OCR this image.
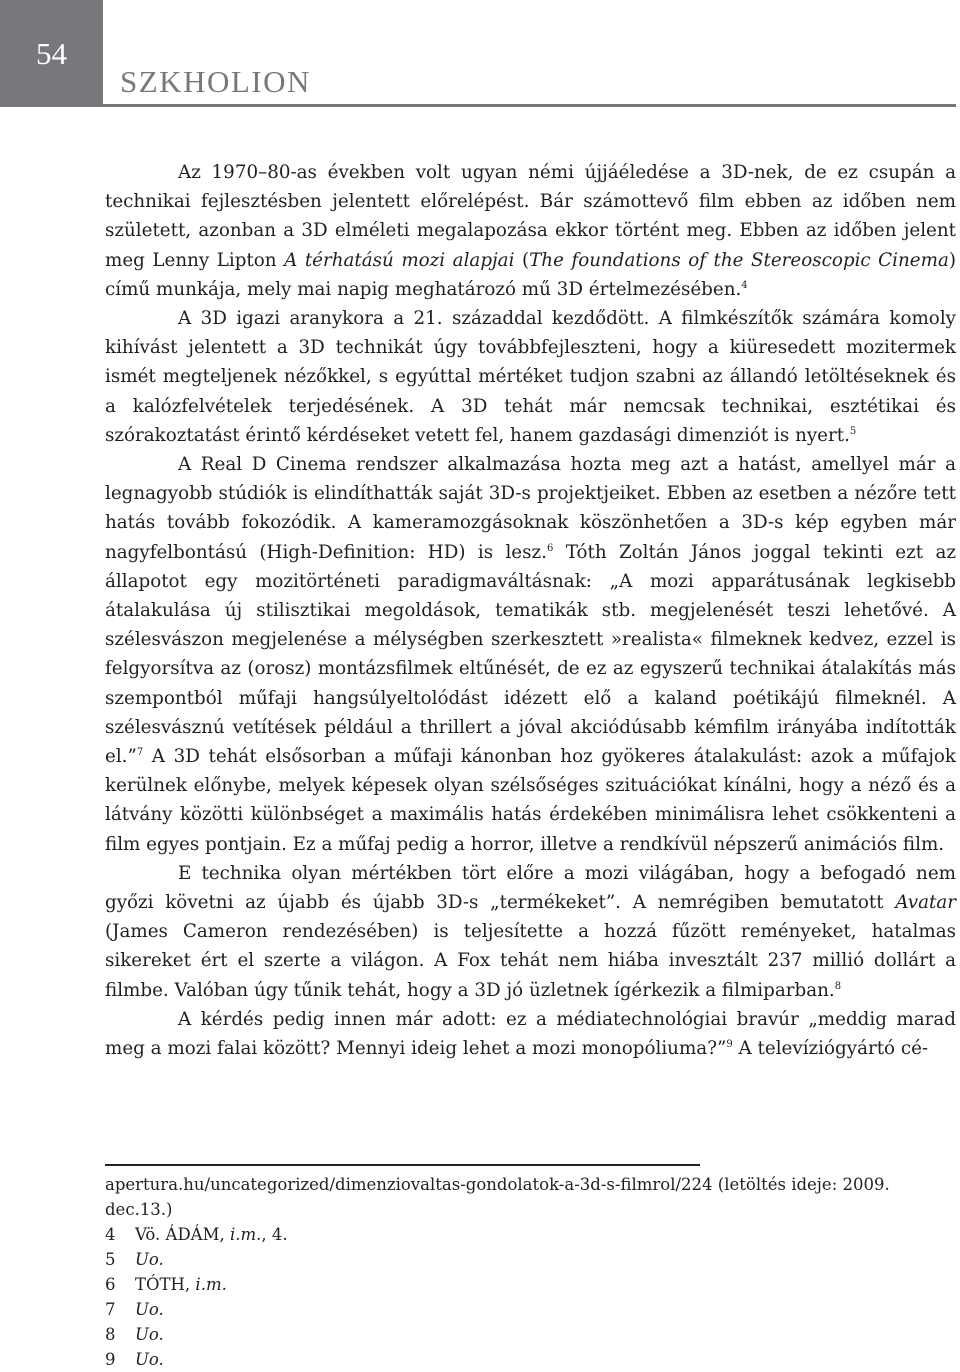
54
SZKHOLION

Az 1970–80-as években volt ugyan némi újjáéledése a 3D-nek, de ez csupán a technikai fejlesztésben jelentett előrelépést. Bár számottevő film ebben az időben nem született, azonban a 3D elméleti megalapozása ekkor történt meg. Ebben az időben jelent meg Lenny Lipton A térhatású mozi alapjai (The foundations of the Stereoscopic Cinema) című munkája, mely mai napig meghatározó mű 3D értelmezésében.$^4$

A 3D igazi aranykora a 21. századdal kezdődött. A filmkészítők számára komoly kihívást jelentett a 3D technikát úgy továbbfejleszteni, hogy a kiüresedett mozitermek ismét megteljenek nézőkkel, s egyúttal mértéket tudjon szabni az állandó letöltéseknek és a kalózfelvételek terjedésének. A 3D tehát már nemcsak technikai, esztétikai és szórakoztatást érintő kérdéseket vetett fel, hanem gazdasági dimenziót is nyert.$^5$

A Real D Cinema rendszer alkalmazása hozta meg azt a hatást, amellyel már a legnagyobb stúdiók is elindíthatták saját 3D-s projektjeiket. Ebben az esetben a nézőre tett hatás tovább fokozódik. A kameramozgásoknak köszönhetően a 3D-s kép egyben már nagyfelbontású (High-Definition: HD) is lesz.$^6$ Tóth Zoltán János joggal tekinti ezt az állapotot egy mozitörténeti paradigmaváltásnak: „A mozi apparátusának legkisebb átalakulása új stilisztikai megoldások, tematikák stb. megjelenését teszi lehetővé. A szélesvászon megjelenése a mélységben szerkesztett »realista« filmeknek kedvez, ezzel is felgyorsítva az (orosz) montázsfilmek eltűnését, de ez az egyszerű technikai átalakítás más szempontból műfaji hangsúlyeltolódást idézett elő a kaland poétikájú filmeknél. A szélesvásznú vetítések például a thrillert a jóval akciódúsabb kémfilm irányába indították el.”$^7$ A 3D tehát elsősorban a műfaji kánonban hoz gyökeres átalakulást: azok a műfajok kerülnek előnybe, melyek képesek olyan szélsőséges szituációkat kínálni, hogy a néző és a látvány közötti különbséget a maximális hatás érdekében minimálisra lehet csökkenteni a film egyes pontjain. Ez a műfaj pedig a horror, illetve a rendkívül népszerű animációs film.

E technika olyan mértékben tört előre a mozi világában, hogy a befogadó nem győzi követni az újabb és újabb 3D-s „termékeket”. A nemrégiben bemutatott Avatar (James Cameron rendezésében) is teljesítette a hozzá fűzött reményeket, hatalmas sikereket ért el szerte a világon. A Fox tehát nem hiába invesztált 237 millió dollárt a filmbe. Valóban úgy tűnik tehát, hogy a 3D jó üzletnek ígérkezik a filmiparban.$^8$

A kérdés pedig innen már adott: ez a médiatechnológiai bravúr „meddig marad meg a mozi falai között? Mennyi ideig lehet a mozi monopóliuma?”$^9$ A televíziógyártó cé-

apertura.hu/uncategorized/dimenziovaltas-gondolatok-a-3d-s-filmrol/224 (letöltés ideje: 2009. dec.13.)

4	Vö. ÁDÁM, i.m., 4.

5	Uo.

6	TÓTH, i.m.

7	Uo.

8	Uo.

9	Uo.
